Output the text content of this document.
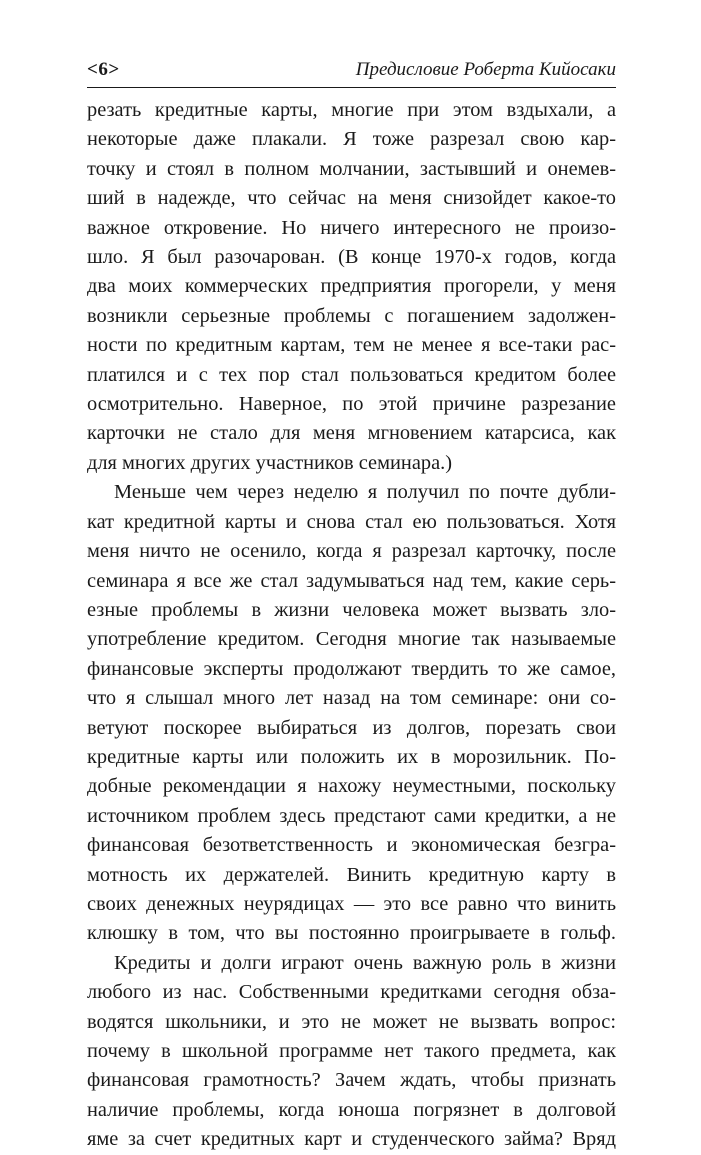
<6>	Предисловие Роберта Кийосаки
резать кредитные карты, многие при этом вздыхали, а
некоторые даже плакали. Я тоже разрезал свою кар-
точку и стоял в полном молчании, застывший и онемев-
ший в надежде, что сейчас на меня снизойдет какое-то
важное откровение. Но ничего интересного не произо-
шло. Я был разочарован. (В конце 1970-х годов, когда
два моих коммерческих предприятия прогорели, у меня
возникли серьезные проблемы с погашением задолжен-
ности по кредитным картам, тем не менее я все-таки рас-
платился и с тех пор стал пользоваться кредитом более
осмотрительно. Наверное, по этой причине разрезание
карточки не стало для меня мгновением катарсиса, как
для многих других участников семинара.)
Меньше чем через неделю я получил по почте дубли-
кат кредитной карты и снова стал ею пользоваться. Хотя
меня ничто не осенило, когда я разрезал карточку, после
семинара я все же стал задумываться над тем, какие серь-
езные проблемы в жизни человека может вызвать зло-
употребление кредитом. Сегодня многие так называемые
финансовые эксперты продолжают твердить то же самое,
что я слышал много лет назад на том семинаре: они со-
ветуют поскорее выбираться из долгов, порезать свои
кредитные карты или положить их в морозильник. По-
добные рекомендации я нахожу неуместными, поскольку
источником проблем здесь предстают сами кредитки, а не
финансовая безответственность и экономическая безгра-
мотность их держателей. Винить кредитную карту в
своих денежных неурядицах — это все равно что винить
клюшку в том, что вы постоянно проигрываете в гольф.
Кредиты и долги играют очень важную роль в жизни
любого из нас. Собственными кредитками сегодня обза-
водятся школьники, и это не может не вызвать вопрос:
почему в школьной программе нет такого предмета, как
финансовая грамотность? Зачем ждать, чтобы признать
наличие проблемы, когда юноша погрязнет в долговой
яме за счет кредитных карт и студенческого займа? Вряд
